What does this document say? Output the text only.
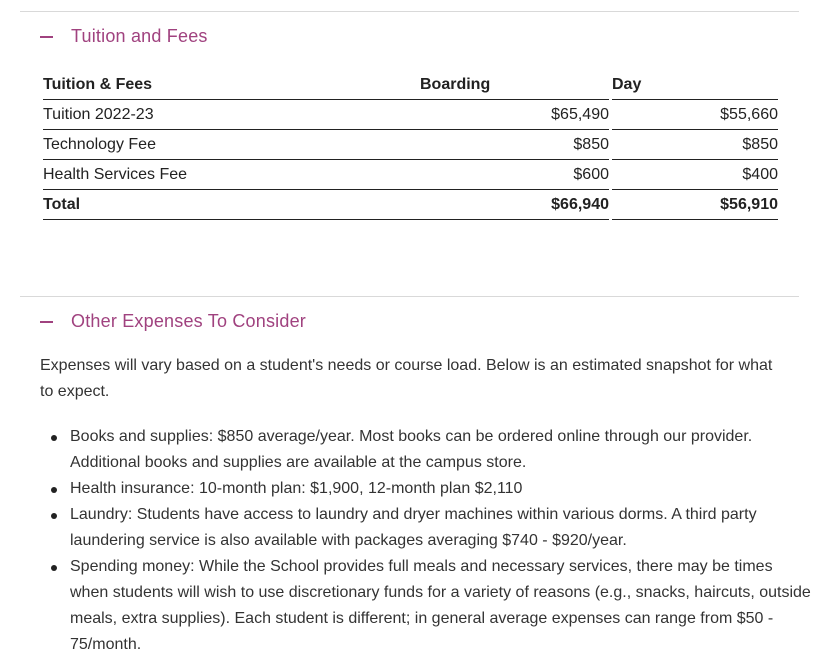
Tuition and Fees
Tuition & Fees	Boarding	Day

Tuition 2022-23	$65,490	$55,660

Technology Fee	$850	$850

Health Services Fee	$600	$400

Total	$66,940	$56,910
Other Expenses To Consider
Expenses will vary based on a student's needs or course load. Below is an estimated snapshot for what to expect.
Books and supplies: $850 average/year. Most books can be ordered online through our provider. Additional books and supplies are available at the campus store.
Health insurance: 10-month plan: $1,900, 12-month plan $2,110
Laundry: Students have access to laundry and dryer machines within various dorms. A third party laundering service is also available with packages averaging $740 - $920/year.
Spending money: While the School provides full meals and necessary services, there may be times when students will wish to use discretionary funds for a variety of reasons (e.g., snacks, haircuts, outside meals, extra supplies). Each student is different; in general average expenses can range from $50 - 75/month.
